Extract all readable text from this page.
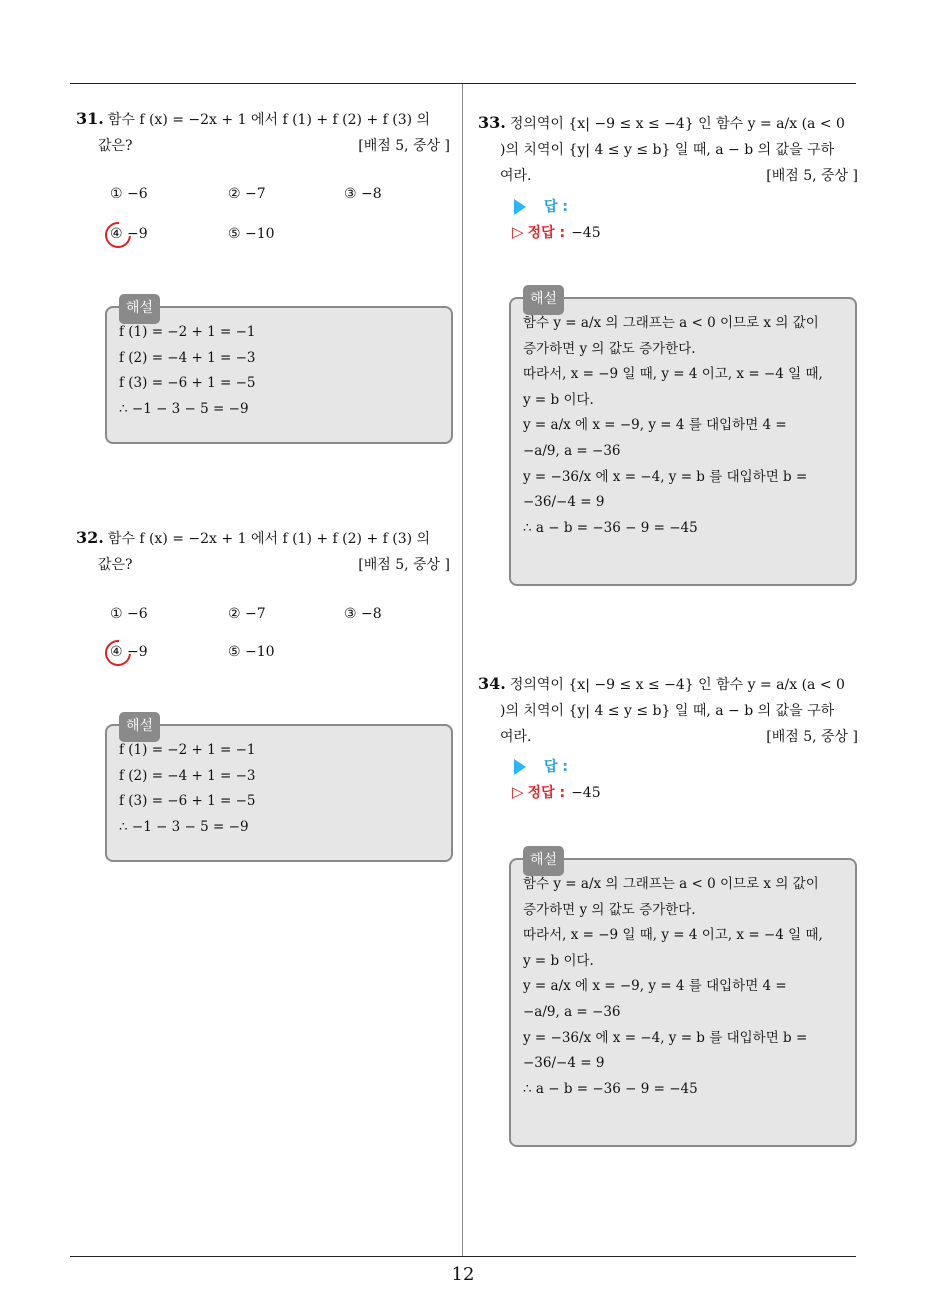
12
31. 함수 f (x) = −2x + 1 에서 f (1) + f (2) + f (3) 의
값은?	[배점 5, 중상 ]
① −6	② −7	③ −8
④ −9	⑤ −10
해설
f (1) = −2 + 1 = −1
f (2) = −4 + 1 = −3
f (3) = −6 + 1 = −5
∴ −1 − 3 − 5 = −9
32. 함수 f (x) = −2x + 1 에서 f (1) + f (2) + f (3) 의
값은?	[배점 5, 중상 ]
① −6	② −7	③ −8
④ −9	⑤ −10
해설
f (1) = −2 + 1 = −1
f (2) = −4 + 1 = −3
f (3) = −6 + 1 = −5
∴ −1 − 3 − 5 = −9
33. 정의역이 {x| −9 ≤ x ≤ −4} 인 함수 y = a/x (a < 0
)의 치역이 {y| 4 ≤ y ≤ b} 일 때, a − b 의 값을 구하
여라.	[배점 5, 중상 ]
답 :
▷ 정답 : −45
해설
함수 y = a/x 의 그래프는 a < 0 이므로 x 의 값이
증가하면 y 의 값도 증가한다.
따라서, x = −9 일 때, y = 4 이고, x = −4 일 때,
y = b 이다.
y = a/x 에 x = −9, y = 4 를 대입하면 4 =
−a/9, a = −36
y = −36/x 에 x = −4, y = b 를 대입하면 b =
−36/−4 = 9
∴ a − b = −36 − 9 = −45
34. 정의역이 {x| −9 ≤ x ≤ −4} 인 함수 y = a/x (a < 0
)의 치역이 {y| 4 ≤ y ≤ b} 일 때, a − b 의 값을 구하
여라.	[배점 5, 중상 ]
답 :
▷ 정답 : −45
해설
함수 y = a/x 의 그래프는 a < 0 이므로 x 의 값이
증가하면 y 의 값도 증가한다.
따라서, x = −9 일 때, y = 4 이고, x = −4 일 때,
y = b 이다.
y = a/x 에 x = −9, y = 4 를 대입하면 4 =
−a/9, a = −36
y = −36/x 에 x = −4, y = b 를 대입하면 b =
−36/−4 = 9
∴ a − b = −36 − 9 = −45
